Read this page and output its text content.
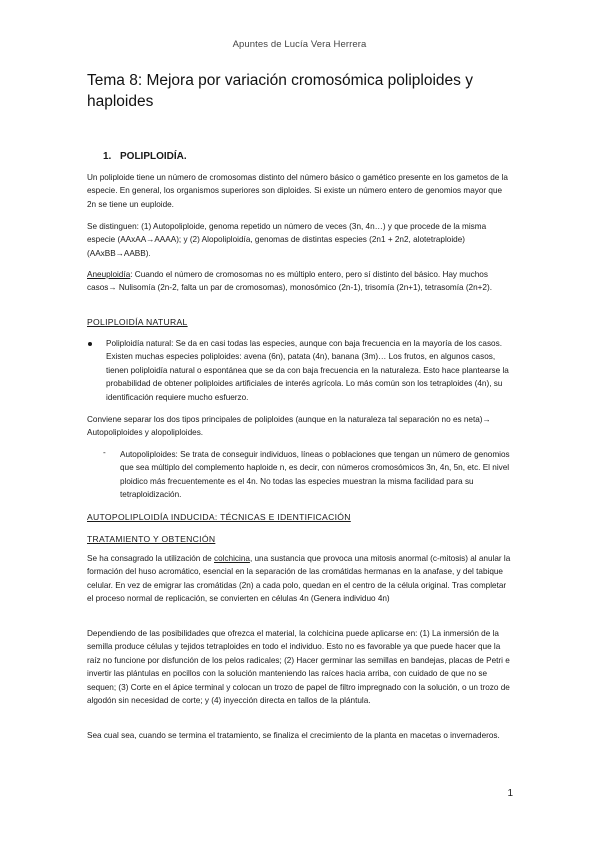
Apuntes de Lucía Vera Herrera
Tema 8: Mejora por variación cromosómica poliploides y haploides
1. POLIPLOIDÍA.

Un poliploide tiene un número de cromosomas distinto del número básico o gamético presente en los gametos de la especie. En general, los organismos superiores son diploides. Si existe un número entero de genomios mayor que 2n se tiene un euploide.

Se distinguen: (1) Autopoliploide, genoma repetido un número de veces (3n, 4n…) y que procede de la misma especie (AAxAA→AAAA); y (2) Alopoliploidía, genomas de distintas especies (2n1 + 2n2, alotetraploide) (AAxBB→AABB).

Aneuploidía: Cuando el número de cromosomas no es múltiplo entero, pero sí distinto del básico. Hay muchos casos→ Nulisomía (2n-2, falta un par de cromosomas), monosómico (2n-1), trisomía (2n+1), tetrasomía (2n+2).

POLIPLOIDÍA NATURAL

Poliploidía natural: Se da en casi todas las especies, aunque con baja frecuencia en la mayoría de los casos. Existen muchas especies poliploides: avena (6n), patata (4n), banana (3m)… Los frutos, en algunos casos, tienen poliploidía natural o espontánea que se da con baja frecuencia en la naturaleza. Esto hace plantearse la probabilidad de obtener poliploides artificiales de interés agrícola. Lo más común son los tetraploides (4n), su identificación requiere mucho esfuerzo.

Conviene separar los dos tipos principales de poliploides (aunque en la naturaleza tal separación no es neta)→ Autopoliploides y alopoliploides.

- Autopoliploides: Se trata de conseguir individuos, líneas o poblaciones que tengan un número de genomios que sea múltiplo del complemento haploide n, es decir, con números cromosómicos 3n, 4n, 5n, etc. El nivel ploidico más frecuentemente es el 4n. No todas las especies muestran la misma facilidad para su tetraploidización.

AUTOPOLIPLOIDÍA INDUCIDA: TÉCNICAS E IDENTIFICACIÓN
TRATAMIENTO Y OBTENCIÓN

Se ha consagrado la utilización de colchicina, una sustancia que provoca una mitosis anormal (c-mitosis) al anular la formación del huso acromático, esencial en la separación de las cromátidas hermanas en la anafase, y del tabique celular. En vez de emigrar las cromátidas (2n) a cada polo, quedan en el centro de la célula original. Tras completar el proceso normal de replicación, se convierten en células 4n (Genera individuo 4n)

Dependiendo de las posibilidades que ofrezca el material, la colchicina puede aplicarse en: (1) La inmersión de la semilla produce células y tejidos tetraploides en todo el individuo. Esto no es favorable ya que puede hacer que la raíz no funcione por disfunción de los pelos radicales; (2) Hacer germinar las semillas en bandejas, placas de Petri e invertir las plántulas en pocillos con la solución manteniendo las raíces hacia arriba, con cuidado de que no se sequen; (3) Corte en el ápice terminal y colocan un trozo de papel de filtro impregnado con la solución, o un trozo de algodón sin necesidad de corte; y (4) inyección directa en tallos de la plántula.

Sea cual sea, cuando se termina el tratamiento, se finaliza el crecimiento de la planta en macetas o invernaderos.

1
